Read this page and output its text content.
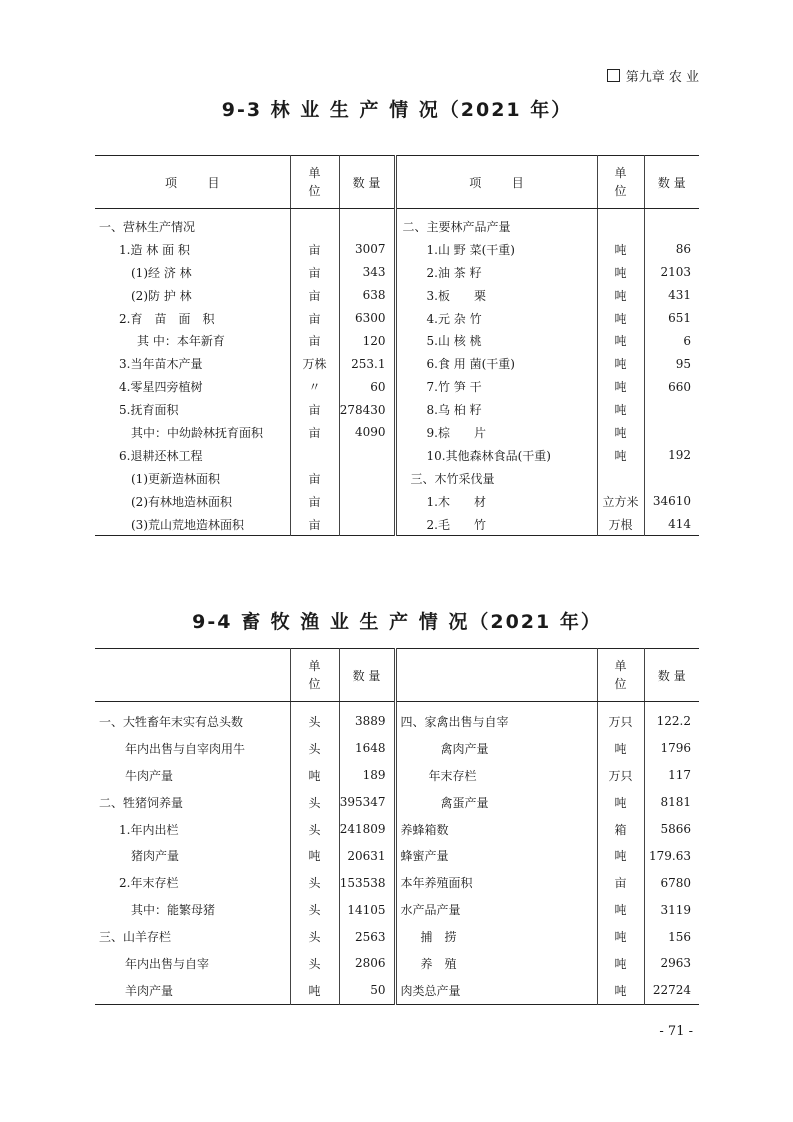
第九章 农 业
9-3 林 业 生 产 情 况（2021 年）
项        目	单位	数 量	项        目	单位	数 量
一、营林生产情况			二、主要林产品产量		
1.造 林 面 积	亩	3007	1.山 野 菜(干重)	吨	86
(1)经 济 林	亩	343	2.油 茶 籽	吨	2103
(2)防 护 林	亩	638	3.板　　栗	吨	431
2.育　苗　面　积	亩	6300	4.元 杂 竹	吨	651
其 中：本年新育	亩	120	5.山 核 桃	吨	6
3.当年苗木产量	万株	253.1	6.食 用 菌(干重)	吨	95
4.零星四旁植树	〃	60	7.竹 笋 干	吨	660
5.抚育面积	亩	278430	8.乌 桕 籽	吨	
其中：中幼龄林抚育面积	亩	4090	9.棕　　片	吨	
6.退耕还林工程			10.其他森林食品(干重)	吨	192
(1)更新造林面积	亩		三、木竹采伐量		
(2)有林地造林面积	亩		1.木　　材	立方米	34610
(3)荒山荒地造林面积	亩		2.毛　　竹	万根	414
9-4 畜 牧 渔 业 生 产 情 况（2021 年）
	单位	数 量		单位	数 量
一、大牲畜年末实有总头数	头	3889	四、家禽出售与自宰	万只	122.2
年内出售与自宰肉用牛	头	1648	禽肉产量	吨	1796
牛肉产量	吨	189	年末存栏	万只	117
二、牲猪饲养量	头	395347	禽蛋产量	吨	8181
1.年内出栏	头	241809	养蜂箱数	箱	5866
猪肉产量	吨	20631	蜂蜜产量	吨	179.63
2.年末存栏	头	153538	本年养殖面积	亩	6780
其中：能繁母猪	头	14105	水产品产量	吨	3119
三、山羊存栏	头	2563	捕　捞	吨	156
年内出售与自宰	头	2806	养　殖	吨	2963
羊肉产量	吨	50	肉类总产量	吨	22724
- 71 -
